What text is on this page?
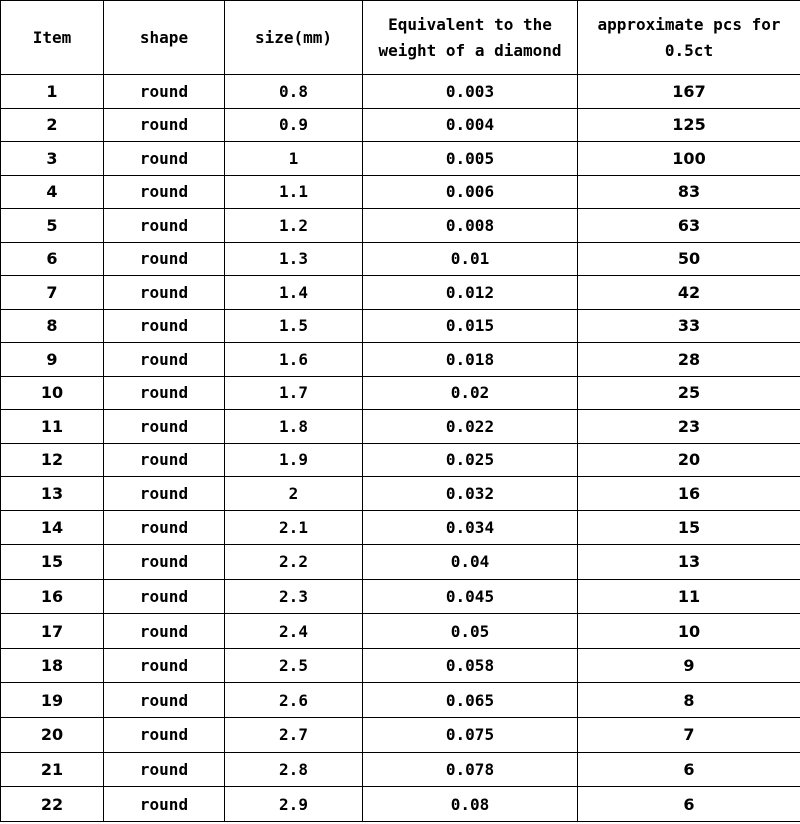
Item	shape	size(mm)	Equivalent to the weight of a diamond	approximate pcs for 0.5ct
1	round	0.8	0.003	167
2	round	0.9	0.004	125
3	round	1	0.005	100
4	round	1.1	0.006	83
5	round	1.2	0.008	63
6	round	1.3	0.01	50
7	round	1.4	0.012	42
8	round	1.5	0.015	33
9	round	1.6	0.018	28
10	round	1.7	0.02	25
11	round	1.8	0.022	23
12	round	1.9	0.025	20
13	round	2	0.032	16
14	round	2.1	0.034	15
15	round	2.2	0.04	13
16	round	2.3	0.045	11
17	round	2.4	0.05	10
18	round	2.5	0.058	9
19	round	2.6	0.065	8
20	round	2.7	0.075	7
21	round	2.8	0.078	6
22	round	2.9	0.08	6
